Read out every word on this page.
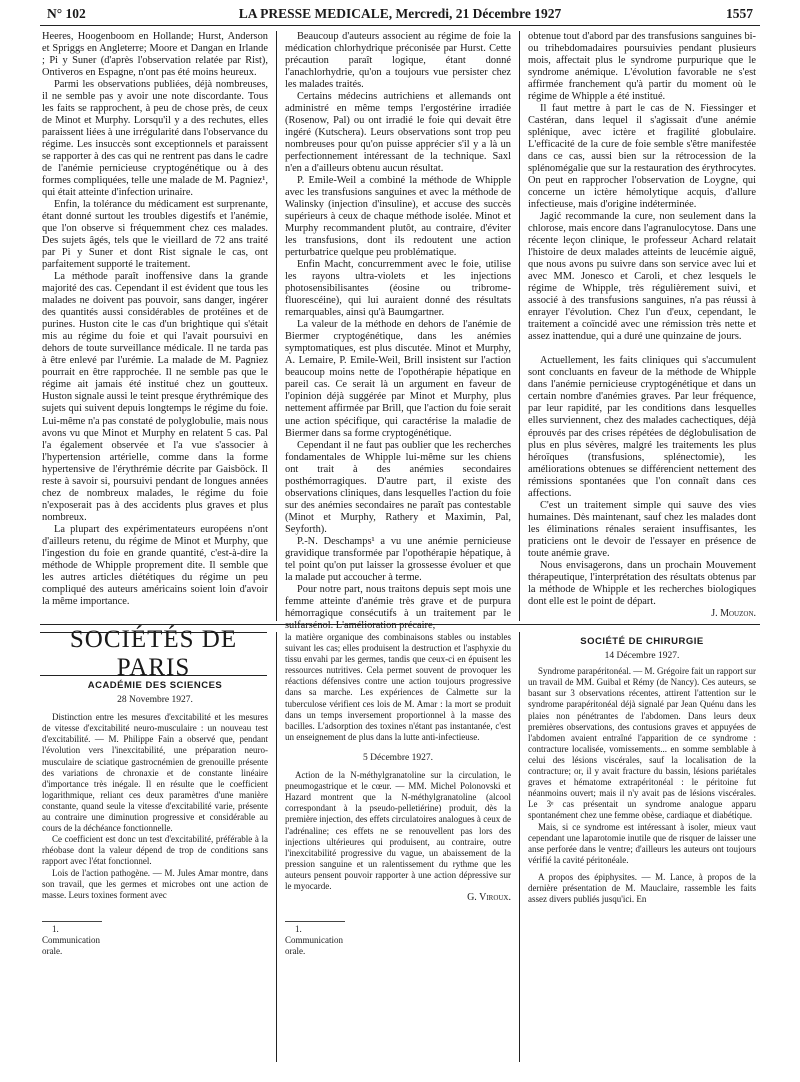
N° 102	LA PRESSE MEDICALE, Mercredi, 21 Décembre 1927	1557

Heeres, Hoogenboom en Hollande; Hurst, Anderson et Spriggs en Angleterre; Moore et Dangan en Irlande ; Pi y Suner (d'après l'observation relatée par Rist), Ontiveros en Espagne, n'ont pas été moins heureux.

Parmi les observations publiées, déjà nombreuses, il ne semble pas y avoir une note discordante. Tous les faits se rapprochent, à peu de chose près, de ceux de Minot et Murphy. Lorsqu'il y a des rechutes, elles paraissent liées à une irrégularité dans l'observance du régime. Les insuccès sont exceptionnels et paraissent se rapporter à des cas qui ne rentrent pas dans le cadre de l'anémie pernicieuse cryptogénétique ou à des formes compliquées, telle une malade de M. Pagniez¹, qui était atteinte d'infection urinaire.

Enfin, la tolérance du médicament est surprenante, étant donné surtout les troubles digestifs et l'anémie, que l'on observe si fréquemment chez ces malades. Des sujets âgés, tels que le vieillard de 72 ans traité par Pi y Suner et dont Rist signale le cas, ont parfaitement supporté le traitement.

La méthode paraît inoffensive dans la grande majorité des cas. Cependant il est évident que tous les malades ne doivent pas pouvoir, sans danger, ingérer des quantités aussi considérables de protéines et de purines. Huston cite le cas d'un brightique qui s'était mis au régime du foie et qui l'avait poursuivi en dehors de toute surveillance médicale. Il ne tarda pas à être enlevé par l'urémie. La malade de M. Pagniez pourrait en être rapprochée. Il ne semble pas que le régime ait jamais été institué chez un goutteux. Huston signale aussi le teint presque érythrémique des sujets qui suivent depuis longtemps le régime du foie. Lui-même n'a pas constaté de polyglobulie, mais nous avons vu que Minot et Murphy en relatent 5 cas. Pal l'a également observée et l'a vue s'associer à l'hypertension artérielle, comme dans la forme hypertensive de l'érythrémie décrite par Gaisböck. Il reste à savoir si, poursuivi pendant de longues années chez de nombreux malades, le régime du foie n'exposerait pas à des accidents plus graves et plus nombreux.

La plupart des expérimentateurs européens n'ont d'ailleurs retenu, du régime de Minot et Murphy, que l'ingestion du foie en grande quantité, c'est-à-dire la méthode de Whipple proprement dite. Il semble que les autres articles diététiques du régime un peu compliqué des auteurs américains soient loin d'avoir la même importance.

Beaucoup d'auteurs associent au régime de foie la médication chlorhydrique préconisée par Hurst. Cette précaution paraît logique, étant donné l'anachlorhydrie, qu'on a toujours vue persister chez les malades traités.

Certains médecins autrichiens et allemands ont administré en même temps l'ergostérine irradiée (Rosenow, Pal) ou ont irradié le foie qui devait être ingéré (Kutschera). Leurs observations sont trop peu nombreuses pour qu'on puisse apprécier s'il y a là un perfectionnement intéressant de la technique. Saxl n'en a d'ailleurs obtenu aucun résultat.

P. Emile-Weil a combiné la méthode de Whipple avec les transfusions sanguines et avec la méthode de Walinsky (injection d'insuline), et accuse des succès supérieurs à ceux de chaque méthode isolée. Minot et Murphy recommandent plutôt, au contraire, d'éviter les transfusions, dont ils redoutent une action perturbatrice quelque peu problématique.

Enfin Macht, concurremment avec le foie, utilise les rayons ultra-violets et les injections photosensibilisantes (éosine ou tribrome-fluorescéine), qui lui auraient donné des résultats remarquables, ainsi qu'à Baumgartner.

La valeur de la méthode en dehors de l'anémie de Biermer cryptogénétique, dans les anémies symptomatiques, est plus discutée. Minot et Murphy, A. Lemaire, P. Emile-Weil, Brill insistent sur l'action beaucoup moins nette de l'opothérapie hépatique en pareil cas. Ce serait là un argument en faveur de l'opinion déjà suggérée par Minot et Murphy, plus nettement affirmée par Brill, que l'action du foie serait une action spécifique, qui caractérise la maladie de Biermer dans sa forme cryptogénétique.

Cependant il ne faut pas oublier que les recherches fondamentales de Whipple lui-même sur les chiens ont trait à des anémies secondaires posthémorragiques. D'autre part, il existe des observations cliniques, dans lesquelles l'action du foie sur des anémies secondaires ne paraît pas contestable (Minot et Murphy, Rathery et Maximin, Pal, Seyforth).

P.-N. Deschamps¹ a vu une anémie pernicieuse gravidique transformée par l'opothérapie hépatique, à tel point qu'on put laisser la grossesse évoluer et que la malade put accoucher à terme.

Pour notre part, nous traitons depuis sept mois une femme atteinte d'anémie très grave et de purpura hémorragique consécutifs à un traitement par le sulfarsénol. L'amélioration précaire,

obtenue tout d'abord par des transfusions sanguines bi- ou trihebdomadaires poursuivies pendant plusieurs mois, affectait plus le syndrome purpurique que le syndrome anémique. L'évolution favorable ne s'est affirmée franchement qu'à partir du moment où le régime de Whipple a été institué.

Il faut mettre à part le cas de N. Fiessinger et Castéran, dans lequel il s'agissait d'une anémie splénique, avec ictère et fragilité globulaire. L'efficacité de la cure de foie semble s'être manifestée dans ce cas, aussi bien sur la rétrocession de la splénomégalie que sur la restauration des érythrocytes. On peut en rapprocher l'observation de Loygne, qui concerne un ictère hémolytique acquis, d'allure infectieuse, mais d'origine indéterminée.

Jagić recommande la cure, non seulement dans la chlorose, mais encore dans l'agranulocytose. Dans une récente leçon clinique, le professeur Achard relatait l'histoire de deux malades atteints de leucémie aiguë, que nous avons pu suivre dans son service avec lui et avec MM. Jonesco et Caroli, et chez lesquels le régime de Whipple, très régulièrement suivi, et associé à des transfusions sanguines, n'a pas réussi à enrayer l'évolution. Chez l'un d'eux, cependant, le traitement a coïncidé avec une rémission très nette et assez inattendue, qui a duré une quinzaine de jours.

Actuellement, les faits cliniques qui s'accumulent sont concluants en faveur de la méthode de Whipple dans l'anémie pernicieuse cryptogénétique et dans un certain nombre d'anémies graves. Par leur fréquence, par leur rapidité, par les conditions dans lesquelles elles surviennent, chez des malades cachectiques, déjà éprouvés par des crises répétées de déglobulisation de plus en plus sévères, malgré les traitements les plus héroïques (transfusions, splénectomie), les améliorations obtenues se différencient nettement des rémissions spontanées que l'on connaît dans ces affections.

C'est un traitement simple qui sauve des vies humaines. Dès maintenant, sauf chez les malades dont les éliminations rénales seraient insuffisantes, les praticiens ont le devoir de l'essayer en présence de toute anémie grave.

Nous envisagerons, dans un prochain Mouvement thérapeutique, l'interprétation des résultats obtenus par la méthode de Whipple et les recherches biologiques dont elle est le point de départ.

J. Mouzon.
SOCIÉTÉS DE PARIS
ACADÉMIE DES SCIENCES
28 Novembre 1927.

Distinction entre les mesures d'excitabilité et les mesures de vitesse d'excitabilité neuro-musculaire : un nouveau test d'excitabilité. — M. Philippe Fain a observé que, pendant l'évolution vers l'inexcitabilité, une préparation neuro-musculaire de sciatique gastrocnémien de grenouille présente des variations de chronaxie et de constante linéaire d'importance très inégale. Il en résulte que le coefficient logarithmique, reliant ces deux paramètres d'une manière constante, quand seule la vitesse d'excitabilité varie, présente au contraire une diminution progressive et considérable au cours de la déchéance fonctionnelle.

Ce coefficient est donc un test d'excitabilité, préférable à la rhéobase dont la valeur dépend de trop de conditions sans rapport avec l'état fonctionnel.

Lois de l'action pathogène. — M. Jules Amar montre, dans son travail, que les germes et microbes ont une action de masse. Leurs toxines forment avec

1. Communication orale.

la matière organique des combinaisons stables ou instables suivant les cas; elles produisent la destruction et l'asphyxie du tissu envahi par les germes, tandis que ceux-ci en épuisent les ressources nutritives. Cela permet souvent de provoquer les réactions défensives contre une action toujours progressive dans sa marche. Les expériences de Calmette sur la tuberculose vérifient ces lois de M. Amar : la mort se produit dans un temps inversement proportionnel à la masse des bacilles. L'adsorption des toxines n'étant pas instantanée, c'est un enseignement de plus dans la lutte anti-infectieuse.

5 Décembre 1927.

Action de la N-méthylgranatoline sur la circulation, le pneumogastrique et le cœur. — MM. Michel Polonovski et Hazard montrent que la N-méthylgranatoline (alcool correspondant à la pseudo-pelletiérine) produit, dès la première injection, des effets circulatoires analogues à ceux de l'adrénaline; ces effets ne se renouvellent pas lors des injections ultérieures qui produisent, au contraire, outre l'inexcitabilité progressive du vague, un abaissement de la pression sanguine et un ralentissement du rythme que les auteurs pensent pouvoir rapporter à une action dépressive sur le myocarde.

G. Viroux.
1. Communication orale.
SOCIÉTÉ DE CHIRURGIE
14 Décembre 1927.

Syndrome parapéritonéal. — M. Grégoire fait un rapport sur un travail de MM. Guibal et Rémy (de Nancy). Ces auteurs, se basant sur 3 observations récentes, attirent l'attention sur le syndrome parapéritonéal déjà signalé par Jean Quénu dans les plaies non pénétrantes de l'abdomen. Dans leurs deux premières observations, des contusions graves et appuyées de l'abdomen avaient entraîné l'apparition de ce syndrome : contracture localisée, vomissements... en somme semblable à celui des lésions viscérales, sauf la localisation de la contracture; or, il y avait fracture du bassin, lésions pariétales graves et hématome extrapéritonéal : le péritoine fut néanmoins ouvert; mais il n'y avait pas de lésions viscérales. Le 3ᵉ cas présentait un syndrome analogue apparu spontanément chez une femme obèse, cardiaque et diabétique.

Mais, si ce syndrome est intéressant à isoler, mieux vaut cependant une laparotomie inutile que de risquer de laisser une anse perforée dans le ventre; d'ailleurs les auteurs ont toujours vérifié la cavité péritonéale.

A propos des épiphysites. — M. Lance, à propos de la dernière présentation de M. Mauclaire, rassemble les faits assez divers publiés jusqu'ici. En
